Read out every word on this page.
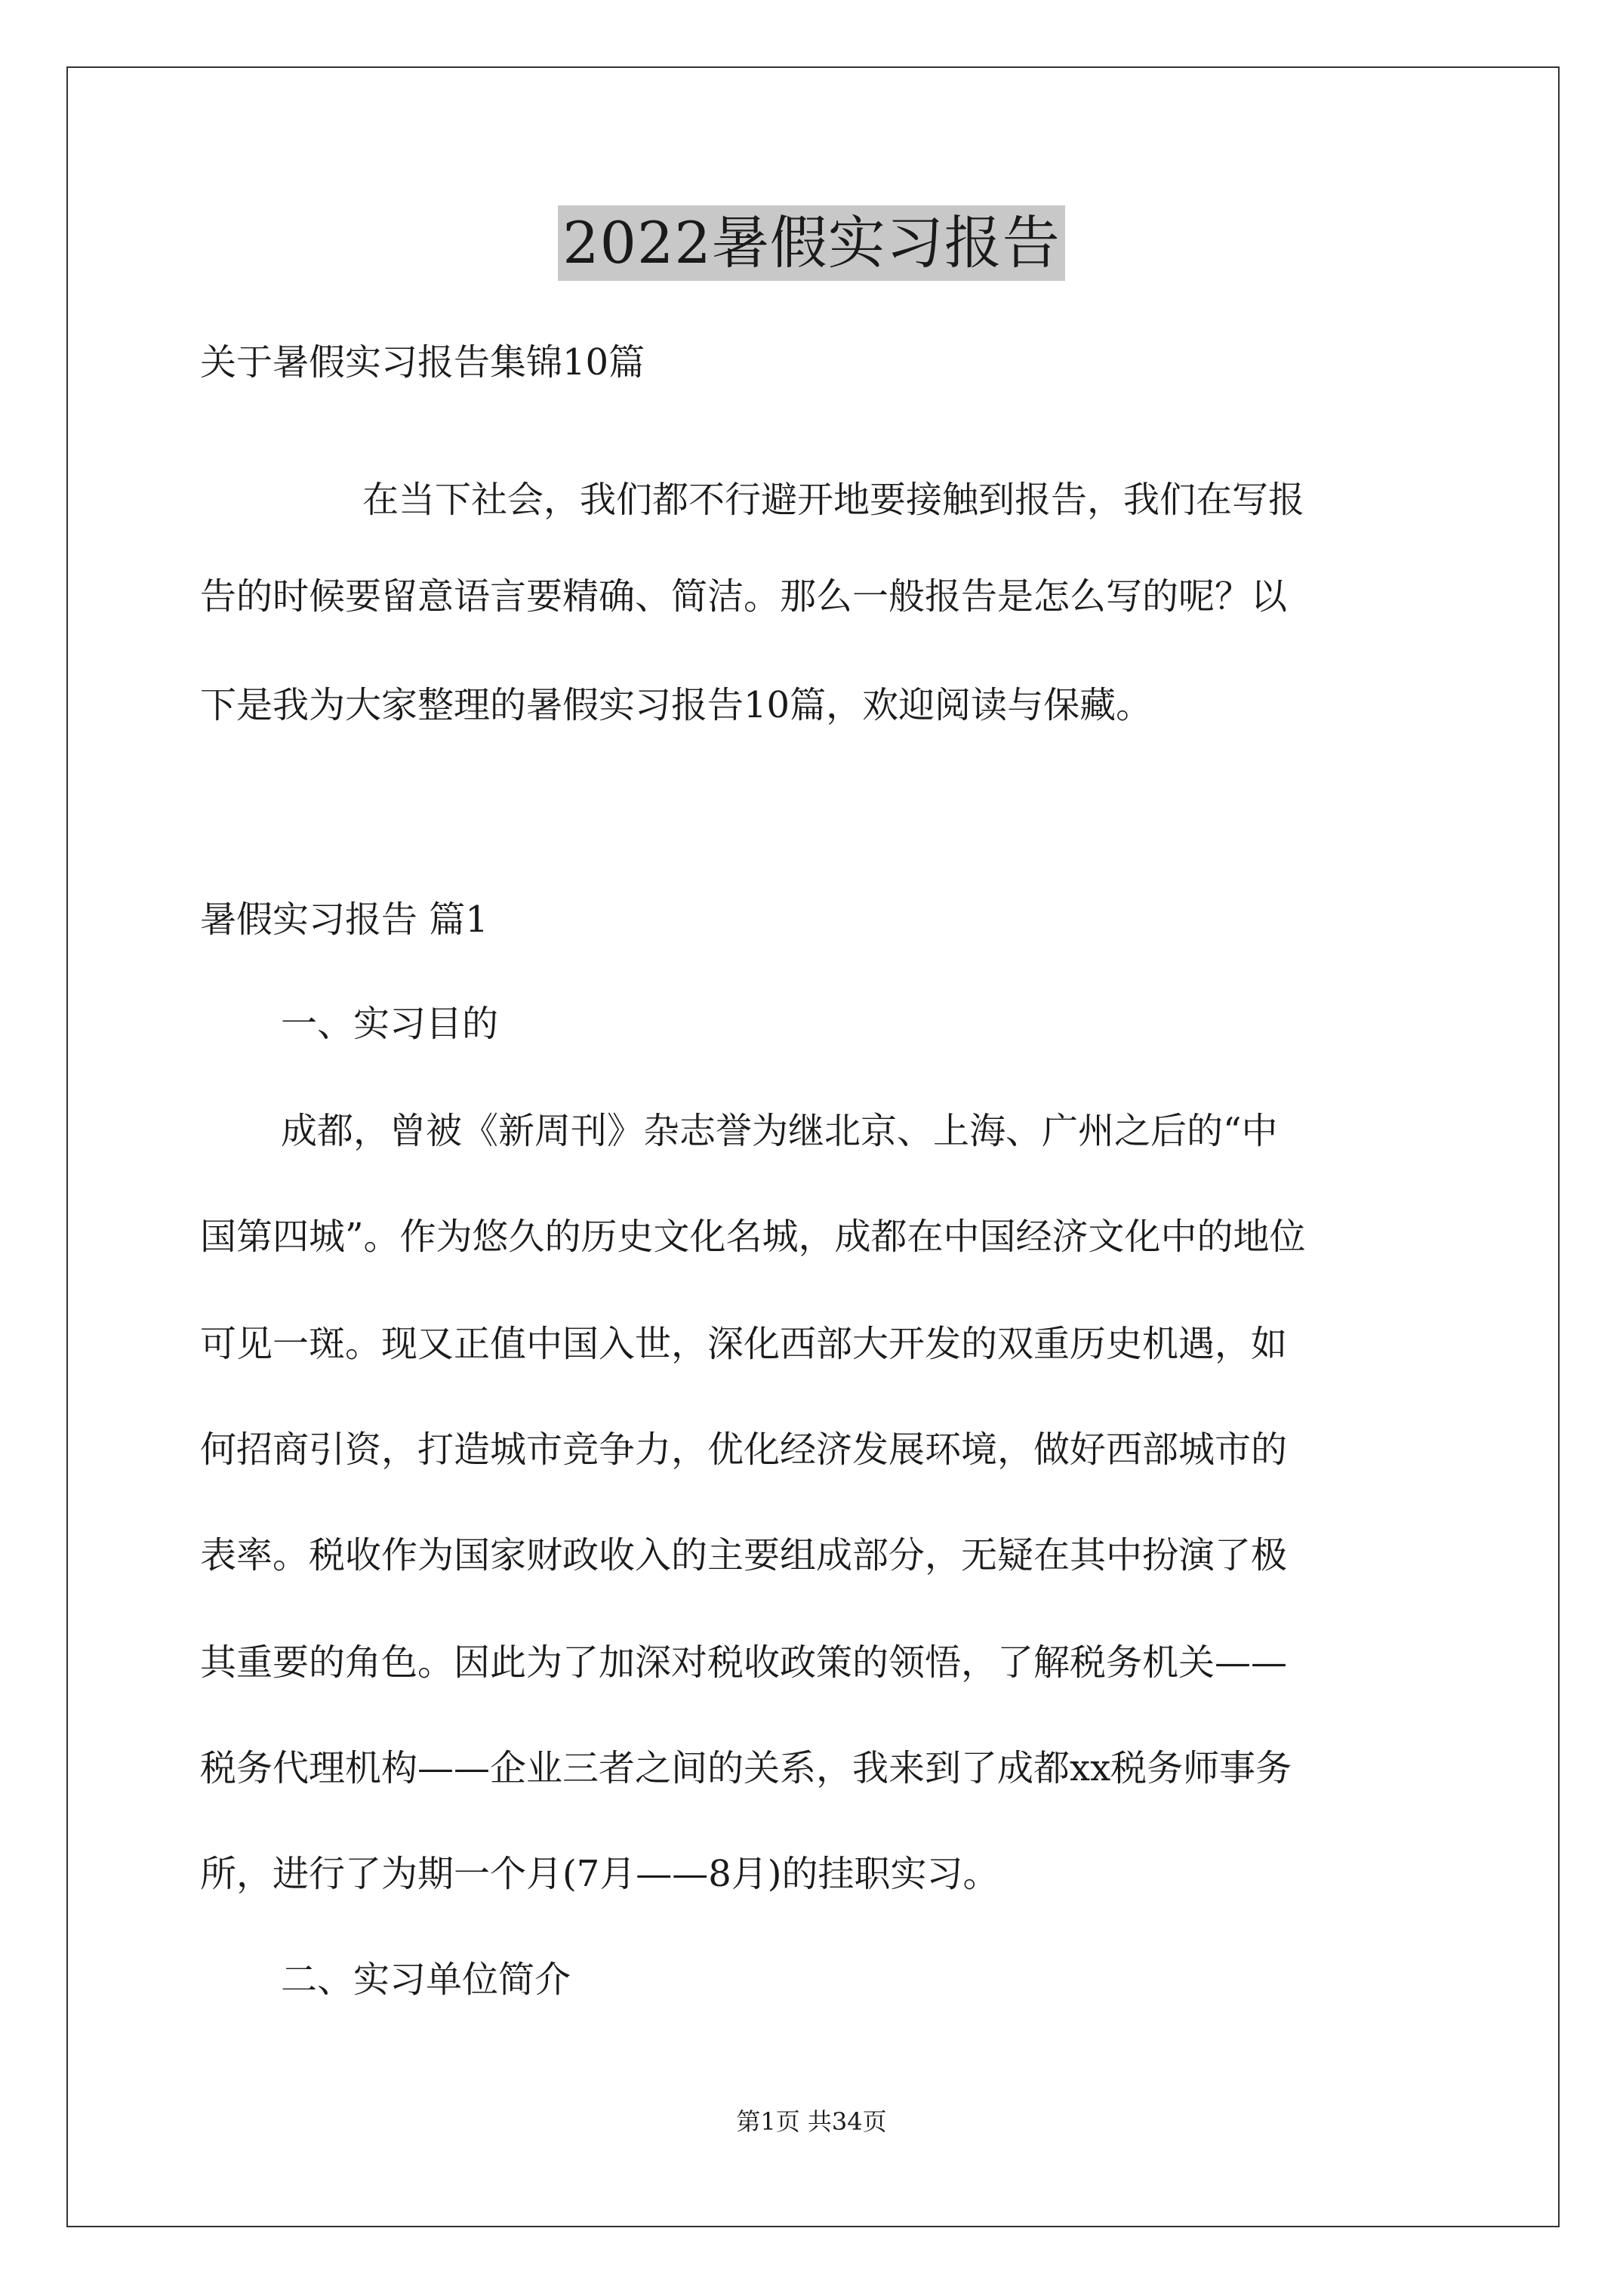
2022暑假实习报告

关于暑假实习报告集锦10篇

在当下社会，我们都不行避开地要接触到报告，我们在写报

告的时候要留意语言要精确、简洁。那么一般报告是怎么写的呢？以

下是我为大家整理的暑假实习报告10篇，欢迎阅读与保藏。

暑假实习报告 篇1

一、实习目的

成都，曾被《新周刊》杂志誉为继北京、上海、广州之后的“中

国第四城”。作为悠久的历史文化名城，成都在中国经济文化中的地位

可见一斑。现又正值中国入世，深化西部大开发的双重历史机遇，如

何招商引资，打造城市竞争力，优化经济发展环境，做好西部城市的

表率。税收作为国家财政收入的主要组成部分，无疑在其中扮演了极

其重要的角色。因此为了加深对税收政策的领悟，了解税务机关——

税务代理机构——企业三者之间的关系，我来到了成都xx税务师事务

所，进行了为期一个月(7月——8月)的挂职实习。

二、实习单位简介

第1页 共34页
